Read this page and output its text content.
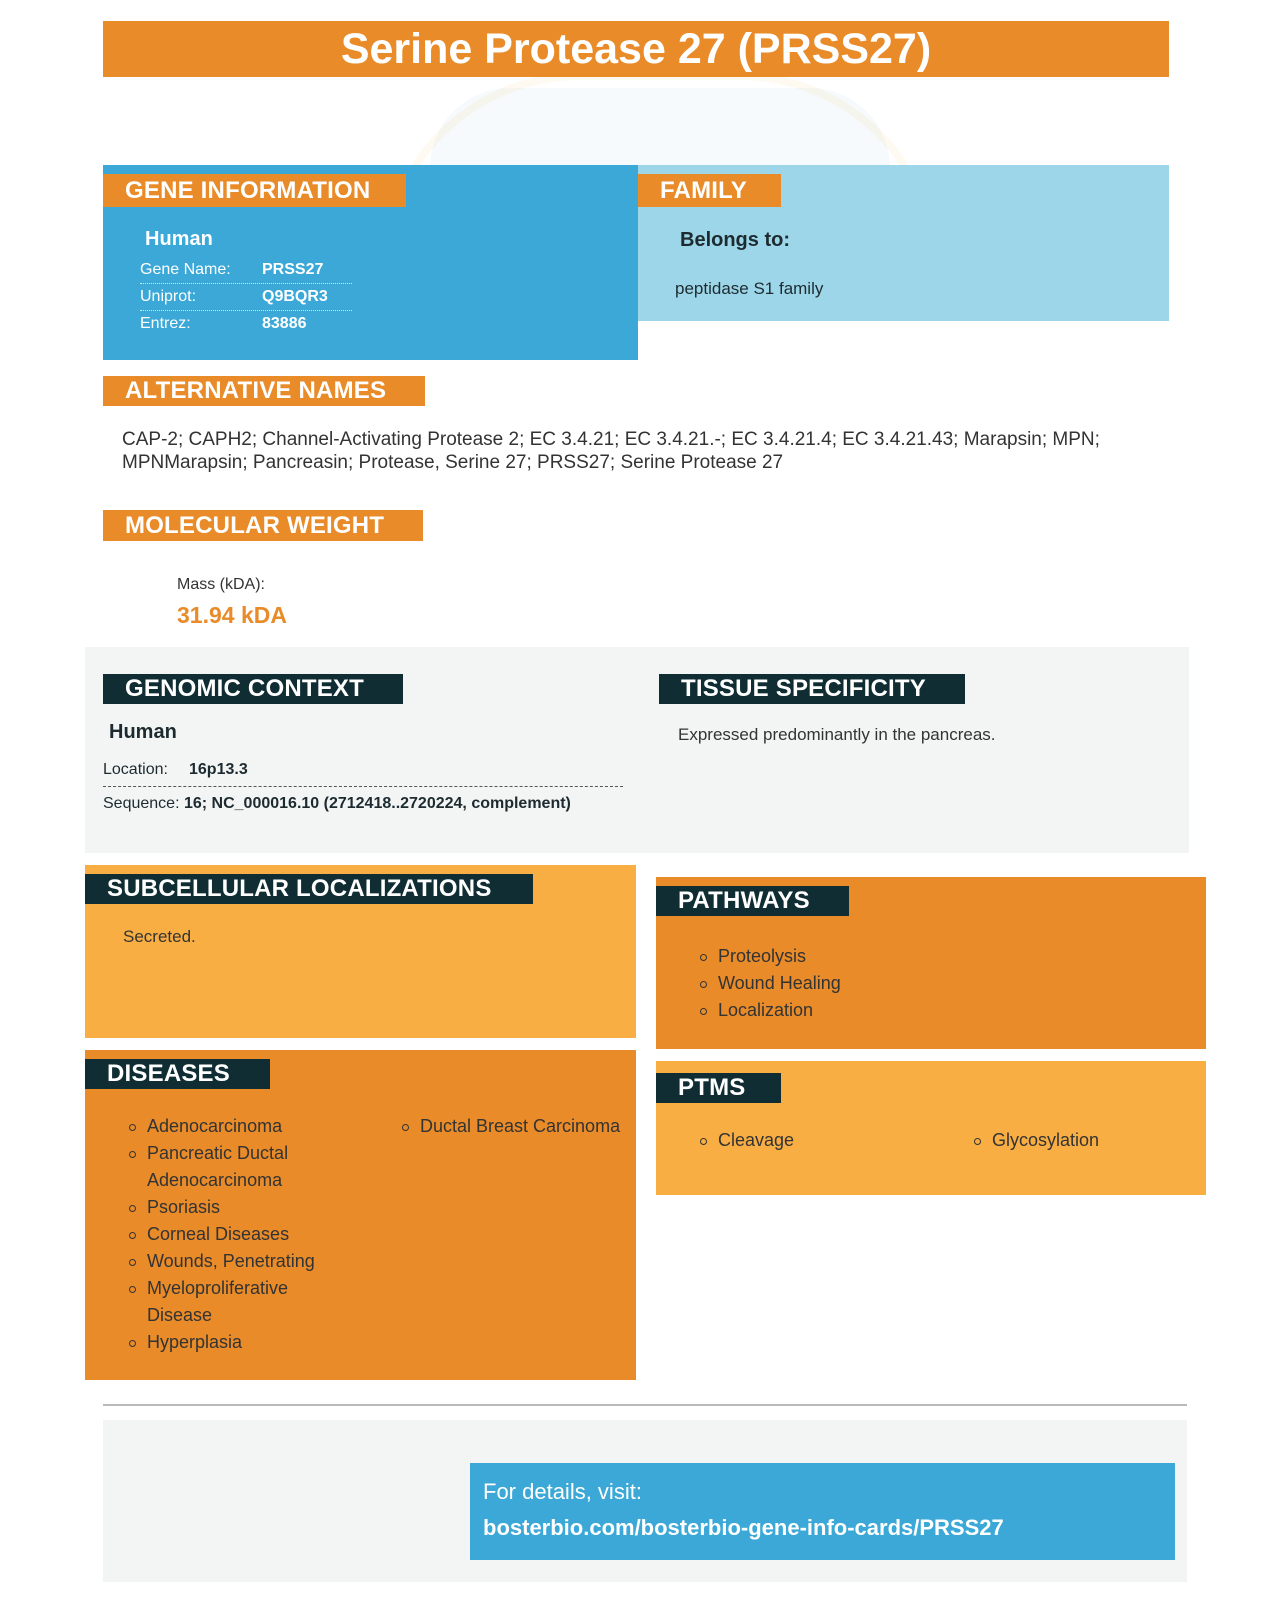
Serine Protease 27 (PRSS27)
GENE INFORMATION
Human
Gene Name: PRSS27
Uniprot:	Q9BQR3
Entrez:	83886
FAMILY
Belongs to:
peptidase S1 family
ALTERNATIVE NAMES
CAP-2; CAPH2; Channel-Activating Protease 2; EC 3.4.21; EC 3.4.21.-; EC 3.4.21.4; EC 3.4.21.43; Marapsin; MPN; MPNMarapsin; Pancreasin; Protease, Serine 27; PRSS27; Serine Protease 27
MOLECULAR WEIGHT
Mass (kDA):
31.94 kDA
GENOMIC CONTEXT
Human
Location: 16p13.3
Sequence: 16; NC_000016.10 (2712418..2720224, complement)
TISSUE SPECIFICITY
Expressed predominantly in the pancreas.
SUBCELLULAR LOCALIZATIONS
Secreted.
PATHWAYS
Proteolysis
Wound Healing
Localization
DISEASES
Adenocarcinoma
Pancreatic Ductal Adenocarcinoma
Psoriasis
Corneal Diseases
Wounds, Penetrating
Myeloproliferative Disease
Hyperplasia
Ductal Breast Carcinoma
PTMS
Cleavage	Glycosylation
For details, visit:
bosterbio.com/bosterbio-gene-info-cards/PRSS27
